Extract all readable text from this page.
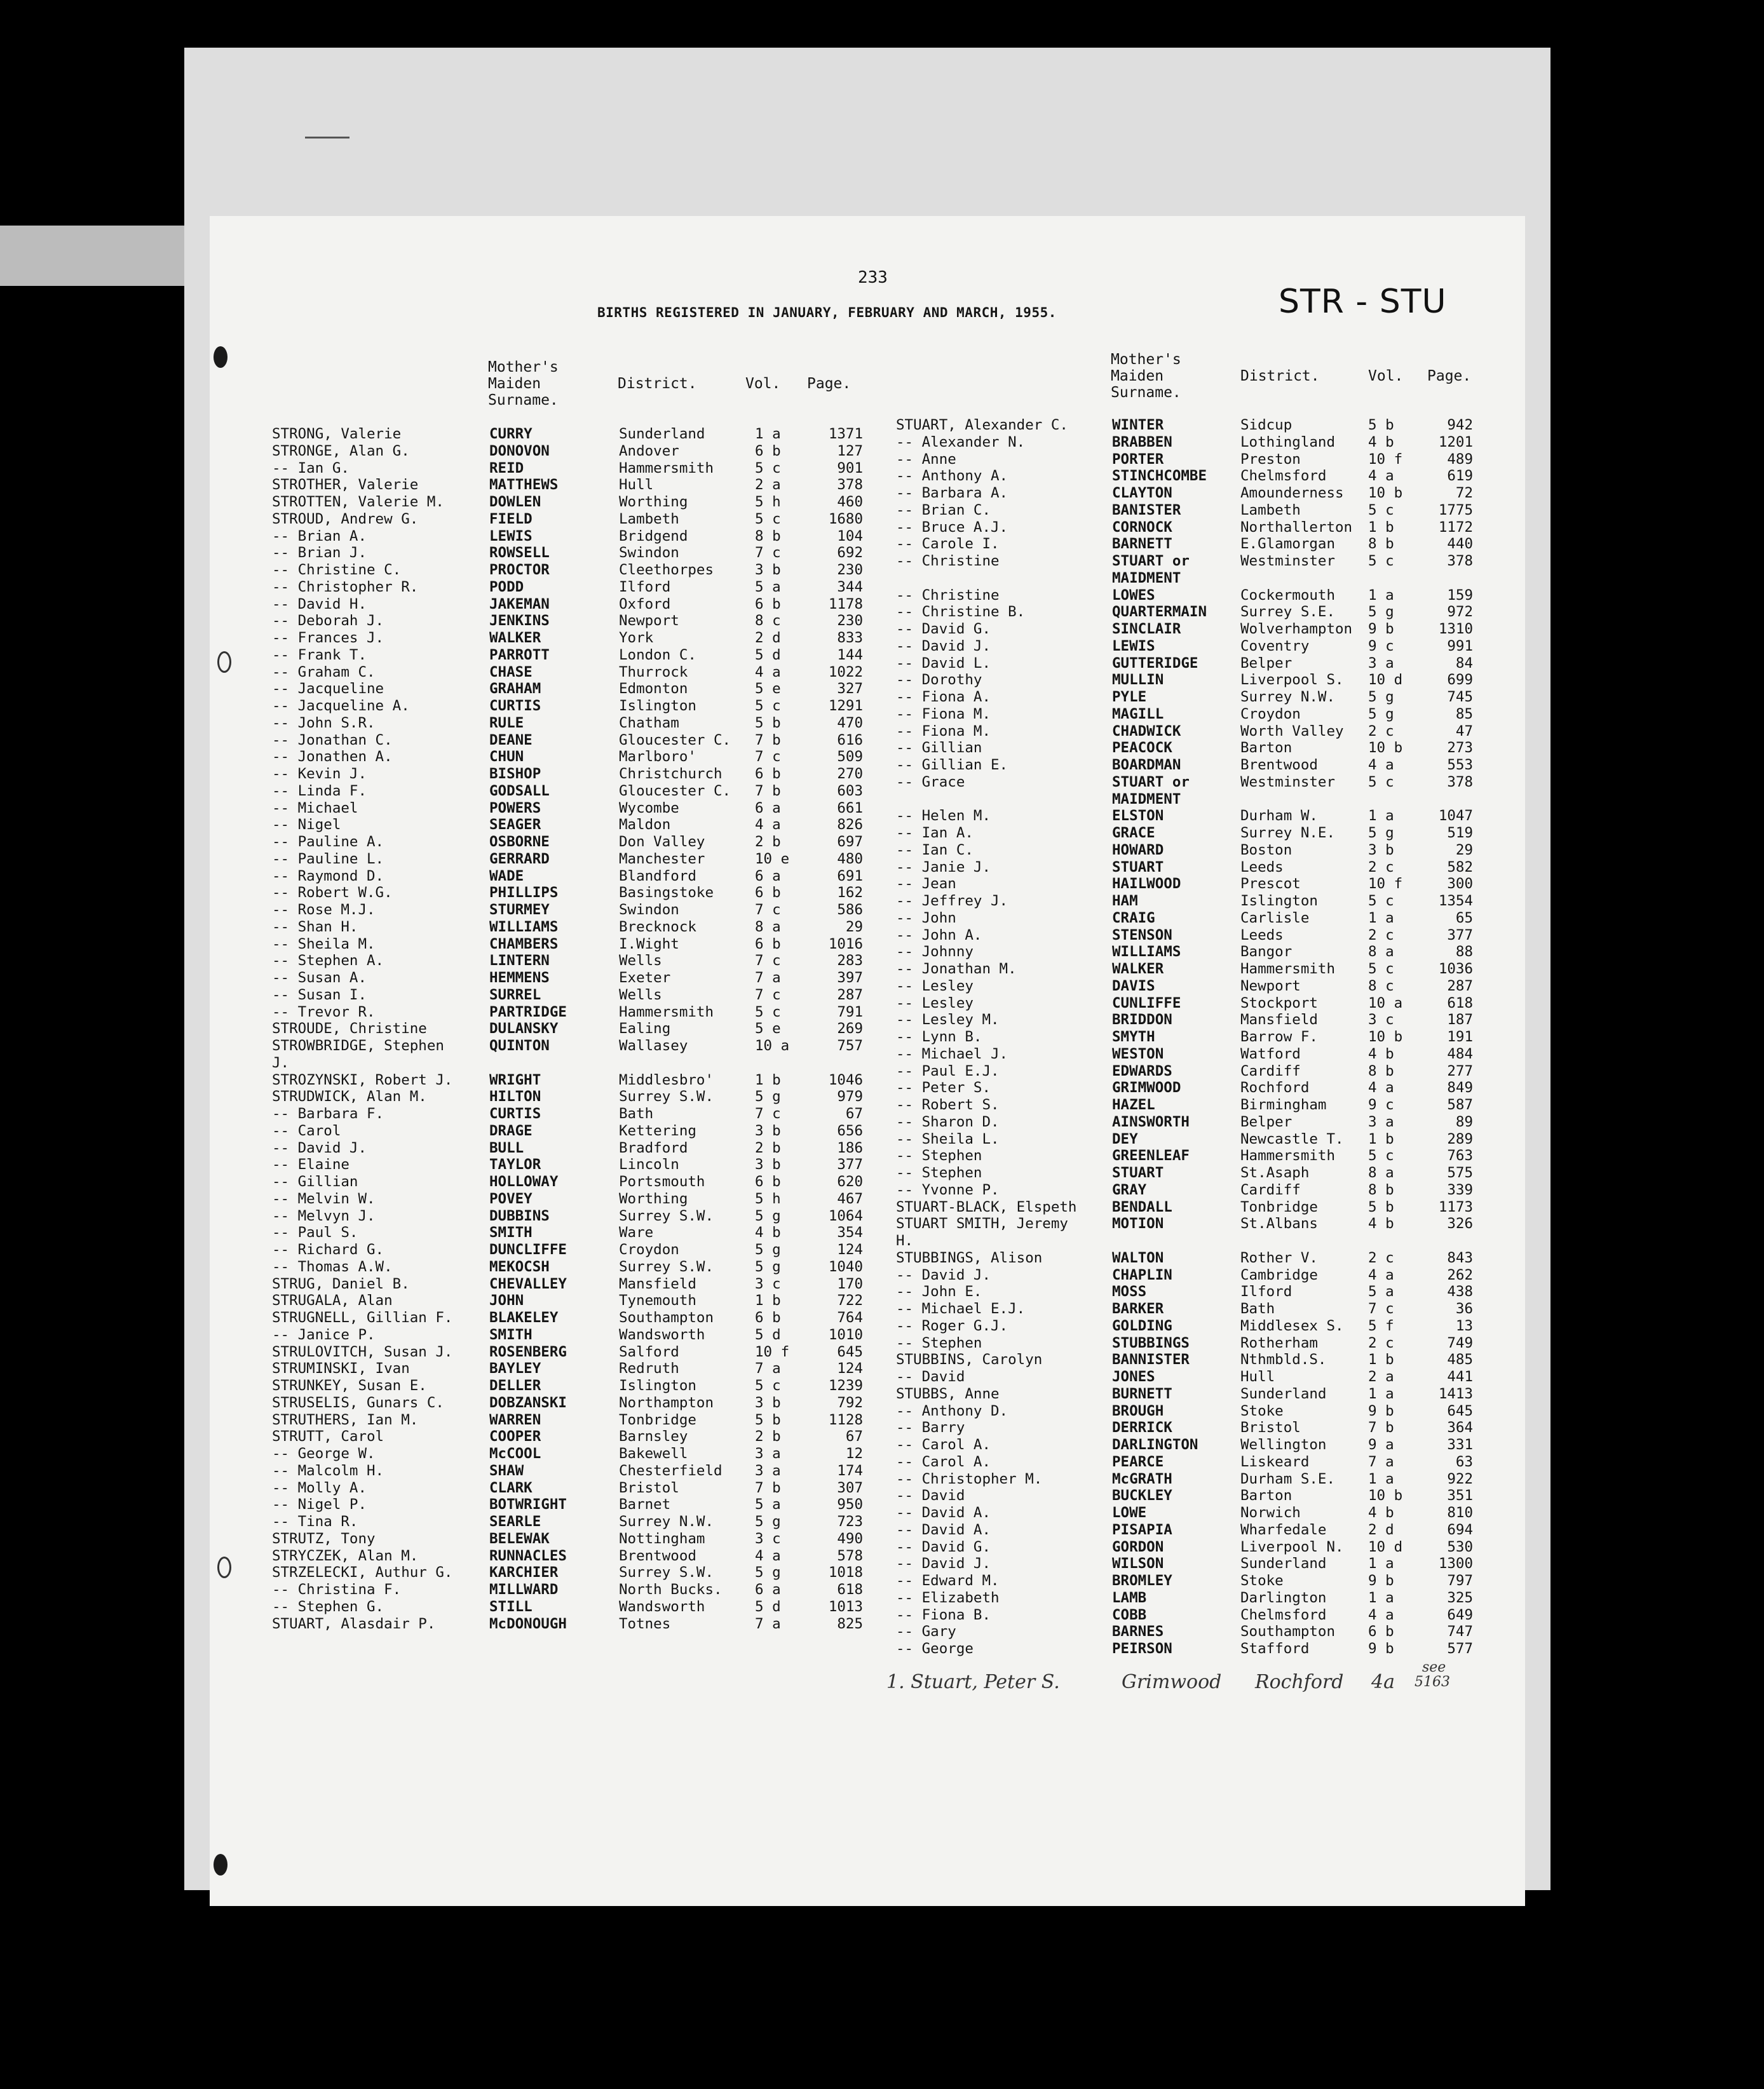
233
BIRTHS REGISTERED IN JANUARY, FEBRUARY AND MARCH, 1955.	STR - STU
Mother's
Maiden
Surname.
District.	Vol. Page.
Mother's
Maiden
Surname.
District.	Vol. Page.
STRONG, Valerie	CURRY	Sunderland	1 a	1371
STRONGE, Alan G.	DONOVON	Andover	6 b	127
-- Ian G.	REID	Hammersmith	5 c	901
STROTHER, Valerie	MATTHEWS	Hull	2 a	378
STROTTEN, Valerie M.	DOWLEN	Worthing	5 h	460
STROUD, Andrew G.	FIELD	Lambeth	5 c	1680
-- Brian A.	LEWIS	Bridgend	8 b	104
-- Brian J.	ROWSELL	Swindon	7 c	692
-- Christine C.	PROCTOR	Cleethorpes	3 b	230
-- Christopher R.	PODD	Ilford	5 a	344
-- David H.	JAKEMAN	Oxford	6 b	1178
-- Deborah J.	JENKINS	Newport	8 c	230
-- Frances J.	WALKER	York	2 d	833
-- Frank T.	PARROTT	London C.	5 d	144
-- Graham C.	CHASE	Thurrock	4 a	1022
-- Jacqueline	GRAHAM	Edmonton	5 e	327
-- Jacqueline A.	CURTIS	Islington	5 c	1291
-- John S.R.	RULE	Chatham	5 b	470
-- Jonathan C.	DEANE	Gloucester C. 7 b	616
-- Jonathen A.	CHUN	Marlboro'	7 c	509
-- Kevin J.	BISHOP	Christchurch 6 b	270
-- Linda F.	GODSALL	Gloucester C. 7 b	603
-- Michael	POWERS	Wycombe	6 a	661
-- Nigel	SEAGER	Maldon	4 a	826
-- Pauline A.	OSBORNE	Don Valley	2 b	697
-- Pauline L.	GERRARD	Manchester	10 e	480
-- Raymond D.	WADE	Blandford	6 a	691
-- Robert W.G.	PHILLIPS	Basingstoke	6 b	162
-- Rose M.J.	STURMEY	Swindon	7 c	586
-- Shan H.	WILLIAMS	Brecknock	8 a	29
-- Sheila M.	CHAMBERS	I.Wight	6 b	1016
-- Stephen A.	LINTERN	Wells	7 c	283
-- Susan A.	HEMMENS	Exeter	7 a	397
-- Susan I.	SURREL	Wells	7 c	287
-- Trevor R.	PARTRIDGE	Hammersmith	5 c	791
STROUDE, Christine	DULANSKY	Ealing	5 e	269
STROWBRIDGE, Stephen	QUINTON	Wallasey	10 a	757
J.
STROZYNSKI, Robert J.	WRIGHT	Middlesbro'	1 b	1046
STRUDWICK, Alan M.	HILTON	Surrey S.W.	5 g	979
-- Barbara F.	CURTIS	Bath	7 c	67
-- Carol	DRAGE	Kettering	3 b	656
-- David J.	BULL	Bradford	2 b	186
-- Elaine	TAYLOR	Lincoln	3 b	377
-- Gillian	HOLLOWAY	Portsmouth	6 b	620
-- Melvin W.	POVEY	Worthing	5 h	467
-- Melvyn J.	DUBBINS	Surrey S.W.	5 g	1064
-- Paul S.	SMITH	Ware	4 b	354
-- Richard G.	DUNCLIFFE	Croydon	5 g	124
-- Thomas A.W.	MEKOCSH	Surrey S.W.	5 g	1040
STRUG, Daniel B.	CHEVALLEY	Mansfield	3 c	170
STRUGALA, Alan	JOHN	Tynemouth	1 b	722
STRUGNELL, Gillian F.	BLAKELEY	Southampton	6 b	764
-- Janice P.	SMITH	Wandsworth	5 d	1010
STRULOVITCH, Susan J.	ROSENBERG	Salford	10 f	645
STRUMINSKI, Ivan	BAYLEY	Redruth	7 a	124
STRUNKEY, Susan E.	DELLER	Islington	5 c	1239
STRUSELIS, Gunars C.	DOBZANSKI	Northampton	3 b	792
STRUTHERS, Ian M.	WARREN	Tonbridge	5 b	1128
STRUTT, Carol	COOPER	Barnsley	2 b	67
-- George W.	McCOOL	Bakewell	3 a	12
-- Malcolm H.	SHAW	Chesterfield 3 a	174
-- Molly A.	CLARK	Bristol	7 b	307
-- Nigel P.	BOTWRIGHT	Barnet	5 a	950
-- Tina R.	SEARLE	Surrey N.W.	5 g	723
STRUTZ, Tony	BELEWAK	Nottingham	3 c	490
STRYCZEK, Alan M.	RUNNACLES	Brentwood	4 a	578
STRZELECKI, Authur G.	KARCHIER	Surrey S.W.	5 g	1018
-- Christina F.	MILLWARD	North Bucks. 6 a	618
-- Stephen G.	STILL	Wandsworth	5 d	1013
STUART, Alasdair P.	McDONOUGH	Totnes	7 a	825
STUART, Alexander C.	WINTER	Sidcup	5 b	942
-- Alexander N.	BRABBEN	Lothingland 4 b	1201
-- Anne	PORTER	Preston	10 f	489
-- Anthony A.	STINCHCOMBE Chelmsford	4 a	619
-- Barbara A.	CLAYTON	Amounderness 10 b	72
-- Brian C.	BANISTER	Lambeth	5 c	1775
-- Bruce A.J.	CORNOCK	Northallerton 1 b	1172
-- Carole I.	BARNETT	E.Glamorgan 8 b	440
-- Christine	STUART or	Westminster 5 c	378
MAIDMENT
-- Christine	LOWES	Cockermouth 1 a	159
-- Christine B.	QUARTERMAIN Surrey S.E. 5 g	972
-- David G.	SINCLAIR	Wolverhampton 9 b	1310
-- David J.	LEWIS	Coventry	9 c	991
-- David L.	GUTTERIDGE	Belper	3 a	84
-- Dorothy	MULLIN	Liverpool S. 10 d	699
-- Fiona A.	PYLE	Surrey N.W. 5 g	745
-- Fiona M.	MAGILL	Croydon	5 g	85
-- Fiona M.	CHADWICK	Worth Valley 2 c	47
-- Gillian	PEACOCK	Barton	10 b	273
-- Gillian E.	BOARDMAN	Brentwood	4 a	553
-- Grace	STUART or	Westminster 5 c	378
MAIDMENT
-- Helen M.	ELSTON	Durham W.	1 a	1047
-- Ian A.	GRACE	Surrey N.E. 5 g	519
-- Ian C.	HOWARD	Boston	3 b	29
-- Janie J.	STUART	Leeds	2 c	582
-- Jean	HAILWOOD	Prescot	10 f	300
-- Jeffrey J.	HAM	Islington	5 c	1354
-- John	CRAIG	Carlisle	1 a	65
-- John A.	STENSON	Leeds	2 c	377
-- Johnny	WILLIAMS	Bangor	8 a	88
-- Jonathan M.	WALKER	Hammersmith 5 c	1036
-- Lesley	DAVIS	Newport	8 c	287
-- Lesley	CUNLIFFE	Stockport	10 a	618
-- Lesley M.	BRIDDON	Mansfield	3 c	187
-- Lynn B.	SMYTH	Barrow F.	10 b	191
-- Michael J.	WESTON	Watford	4 b	484
-- Paul E.J.	EDWARDS	Cardiff	8 b	277
-- Peter S.	GRIMWOOD	Rochford	4 a	849
-- Robert S.	HAZEL	Birmingham	9 c	587
-- Sharon D.	AINSWORTH	Belper	3 a	89
-- Sheila L.	DEY	Newcastle T. 1 b	289
-- Stephen	GREENLEAF	Hammersmith 5 c	763
-- Stephen	STUART	St.Asaph	8 a	575
-- Yvonne P.	GRAY	Cardiff	8 b	339
STUART-BLACK, Elspeth BENDALL	Tonbridge	5 b	1173
STUART SMITH, Jeremy	MOTION	St.Albans	4 b	326
H.
STUBBINGS, Alison	WALTON	Rother V.	2 c	843
-- David J.	CHAPLIN	Cambridge	4 a	262
-- John E.	MOSS	Ilford	5 a	438
-- Michael E.J.	BARKER	Bath	7 c	36
-- Roger G.J.	GOLDING	Middlesex S. 5 f	13
-- Stephen	STUBBINGS	Rotherham	2 c	749
STUBBINS, Carolyn	BANNISTER	Nthmbld.S.	1 b	485
-- David	JONES	Hull	2 a	441
STUBBS, Anne	BURNETT	Sunderland	1 a	1413
-- Anthony D.	BROUGH	Stoke	9 b	645
-- Barry	DERRICK	Bristol	7 b	364
-- Carol A.	DARLINGTON	Wellington	9 a	331
-- Carol A.	PEARCE	Liskeard	7 a	63
-- Christopher M.	McGRATH	Durham S.E. 1 a	922
-- David	BUCKLEY	Barton	10 b	351
-- David A.	LOWE	Norwich	4 b	810
-- David A.	PISAPIA	Wharfedale	2 d	694
-- David G.	GORDON	Liverpool N. 10 d	530
-- David J.	WILSON	Sunderland	1 a	1300
-- Edward M.	BROMLEY	Stoke	9 b	797
-- Elizabeth	LAMB	Darlington	1 a	325
-- Fiona B.	COBB	Chelmsford	4 a	649
-- Gary	BARNES	Southampton 6 b	747
-- George	PEIRSON	Stafford	9 b	577
1. Stuart, Peter S.	Grimwood Rochford 4a
see
5163
